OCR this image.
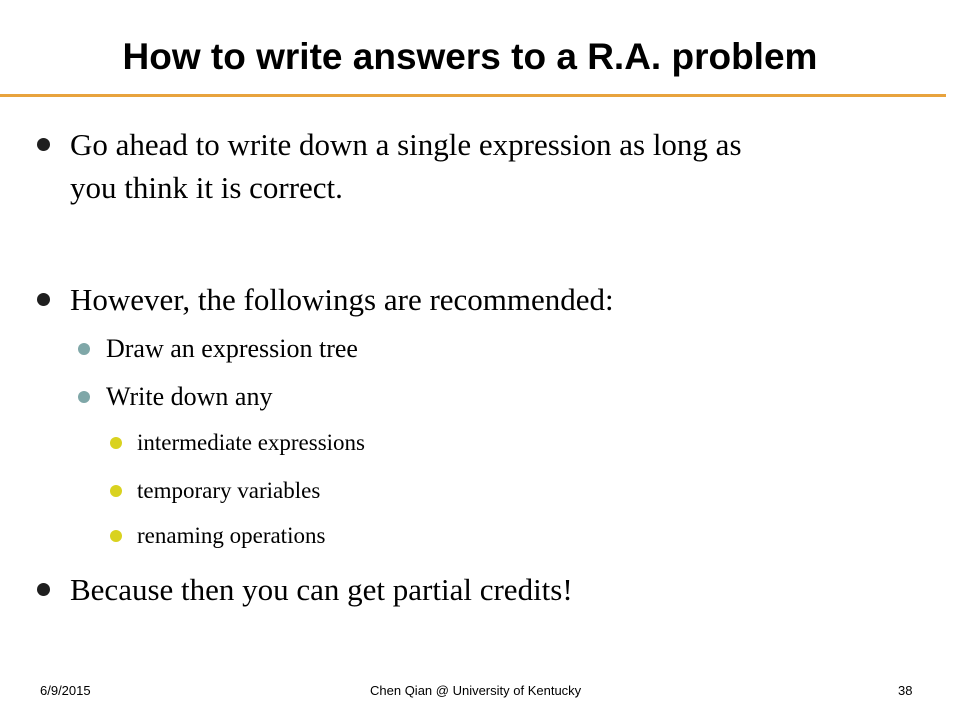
How to write answers to a R.A. problem
Go ahead to write down a single expression as long as
you think it is correct.
However, the followings are recommended:
Draw an expression tree
Write down any
intermediate expressions
temporary variables
renaming operations
Because then you can get partial credits!
6/9/2015	Chen Qian @ University of Kentucky	38
